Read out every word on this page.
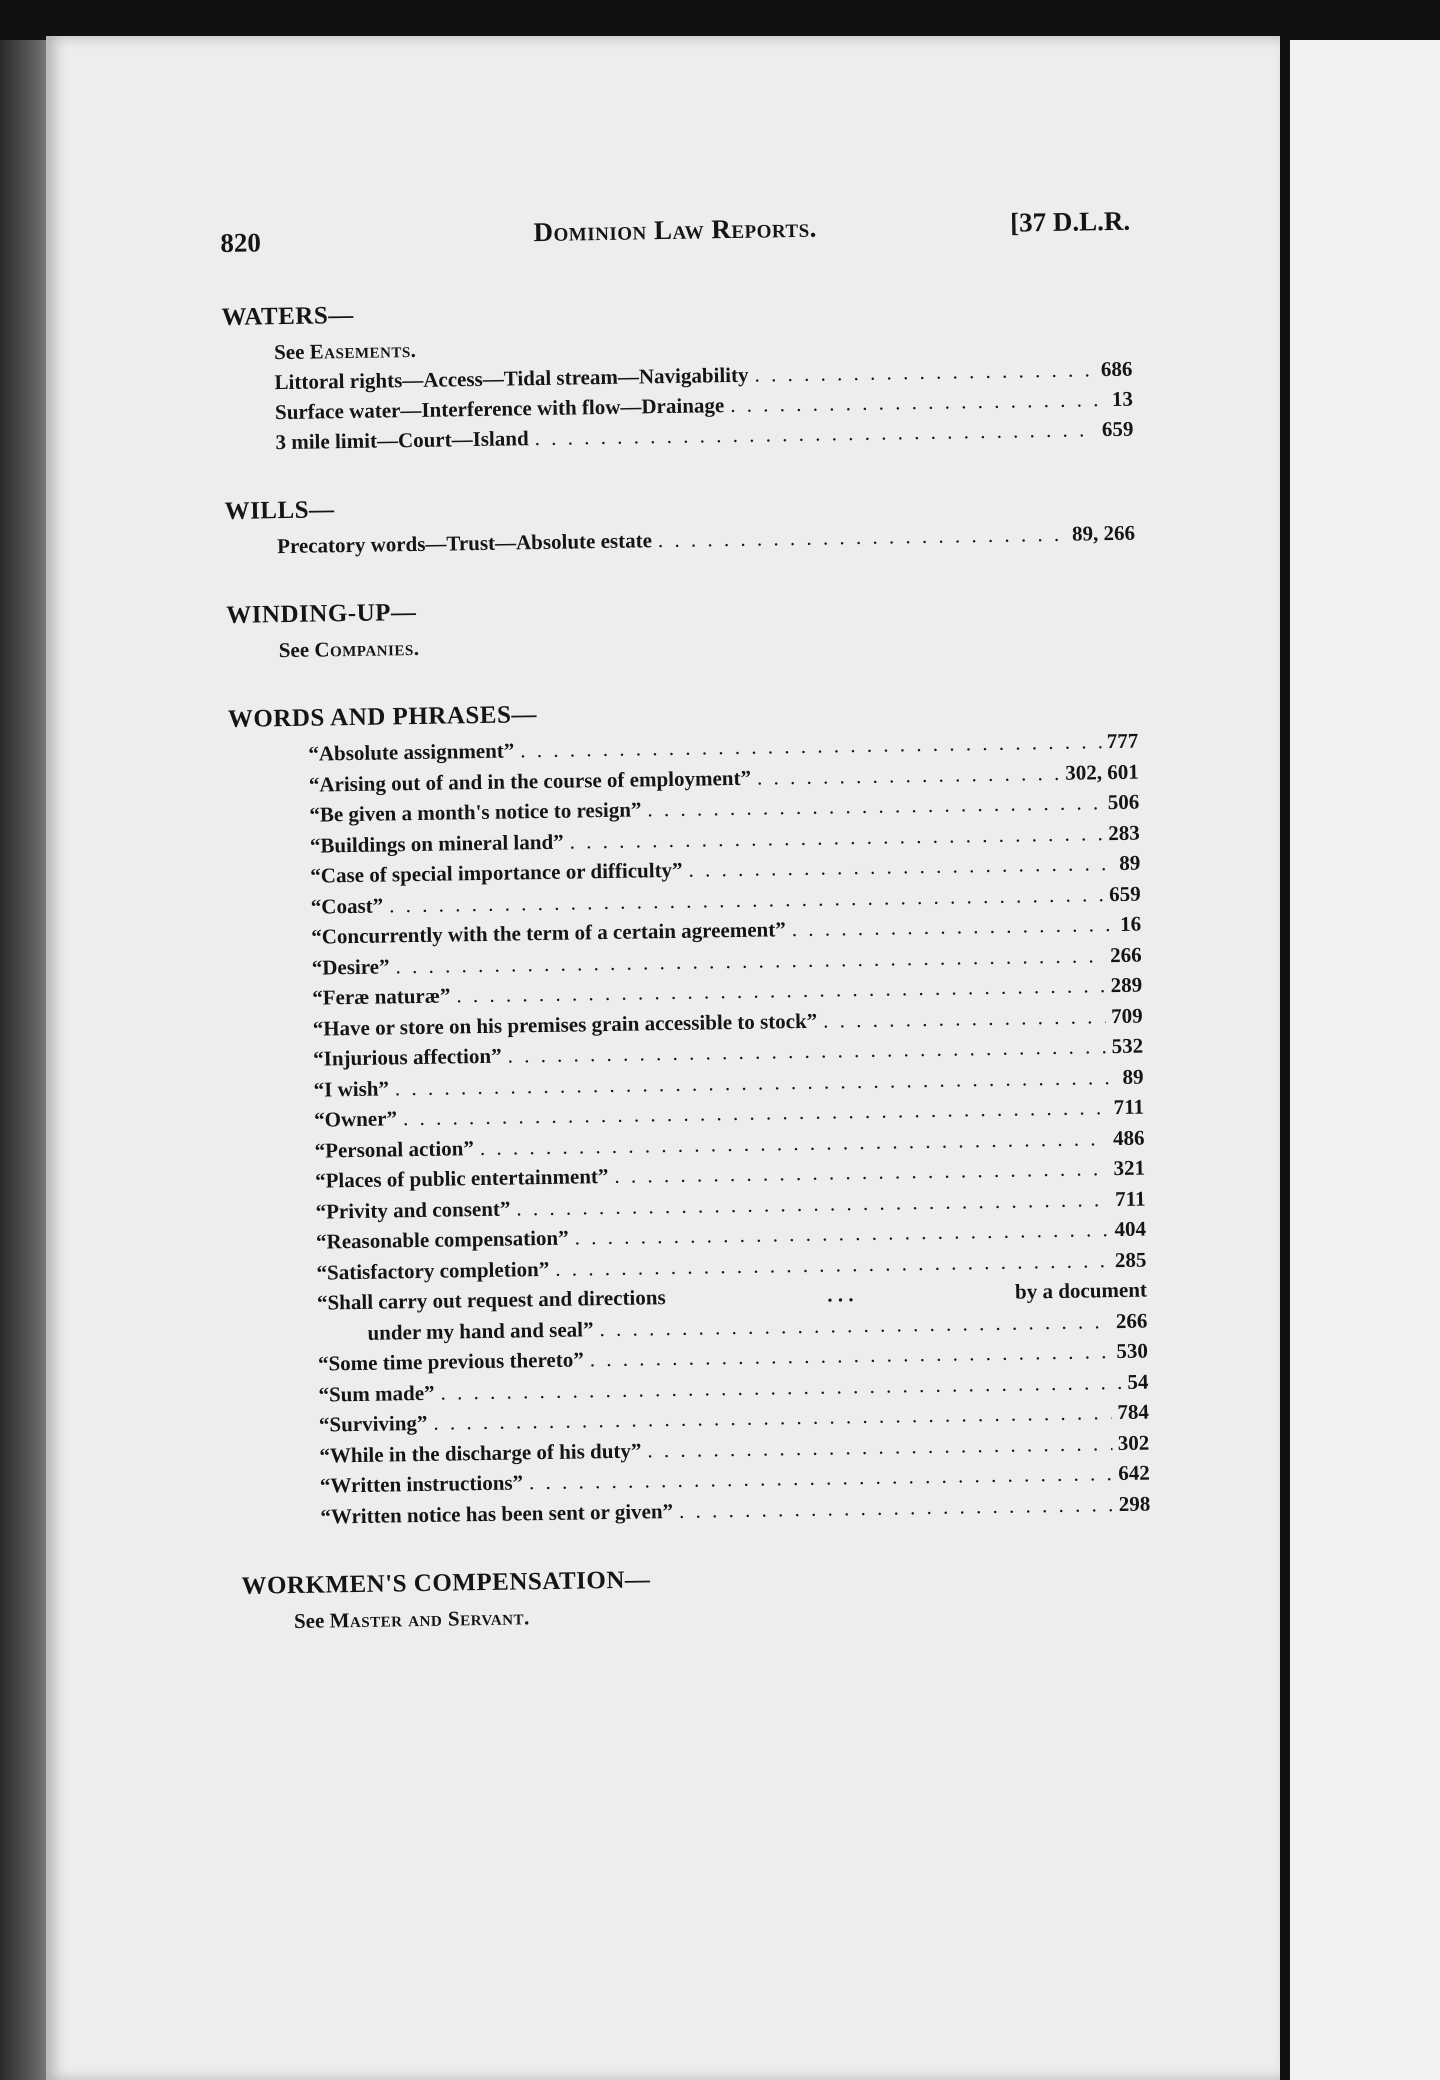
820	Dominion Law Reports.	[37 D.L.R.
WATERS—
See Easements.
Littoral rights—Access—Tidal stream—Navigability . . .	686
Surface water—Interference with flow—Drainage . . .	13
3 mile limit—Court—Island . . .	659
WILLS—
Precatory words—Trust—Absolute estate . . .	89, 266
WINDING-UP—
See Companies.
WORDS AND PHRASES—
“Absolute assignment” . . .	777
“Arising out of and in the course of employment” . . .	302, 601
“Be given a month's notice to resign” . . .	506
“Buildings on mineral land” . . .	283
“Case of special importance or difficulty” . . .	89
“Coast” . . .	659
“Concurrently with the term of a certain agreement” . . .	16
“Desire” . . .	266
“Feræ naturæ” . . .	289
“Have or store on his premises grain accessible to stock” . . .	709
“Injurious affection” . . .	532
“I wish” . . .	89
“Owner” . . .	711
“Personal action” . . .	486
“Places of public entertainment” . . .	321
“Privity and consent” . . .	711
“Reasonable compensation” . . .	404
“Satisfactory completion” . . .	285
“Shall carry out request and directions	. . .	by a document
under my hand and seal” . . .	266
“Some time previous thereto” . . .	530
“Sum made” . . .	54
“Surviving” . . .	784
“While in the discharge of his duty” . . .	302
“Written instructions” . . .	642
“Written notice has been sent or given” . . .	298
WORKMEN'S COMPENSATION—
See Master and Servant.
